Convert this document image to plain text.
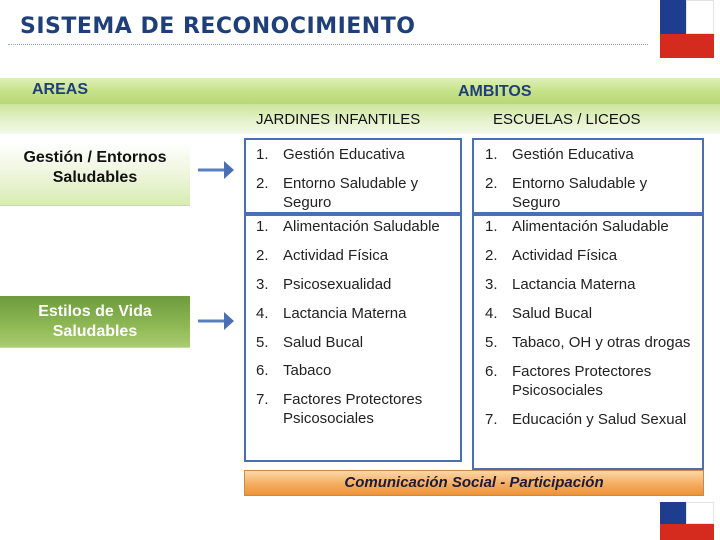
SISTEMA DE RECONOCIMIENTO
AREAS	AMBITOS
JARDINES INFANTILES	ESCUELAS / LICEOS
Gestión / Entornos
Saludables
Estilos de Vida
Saludables
1. Gestión Educativa
2. Entorno Saludable y Seguro
1. Gestión Educativa
2. Entorno Saludable y Seguro
1. Alimentación Saludable
2. Actividad Física
3. Psicosexualidad
4. Lactancia Materna
5. Salud Bucal
6. Tabaco
7. Factores Protectores Psicosociales
1. Alimentación Saludable
2. Actividad Física
3. Lactancia Materna
4. Salud Bucal
5. Tabaco, OH y otras drogas
6. Factores Protectores Psicosociales
7. Educación y Salud Sexual
Comunicación Social - Participación
